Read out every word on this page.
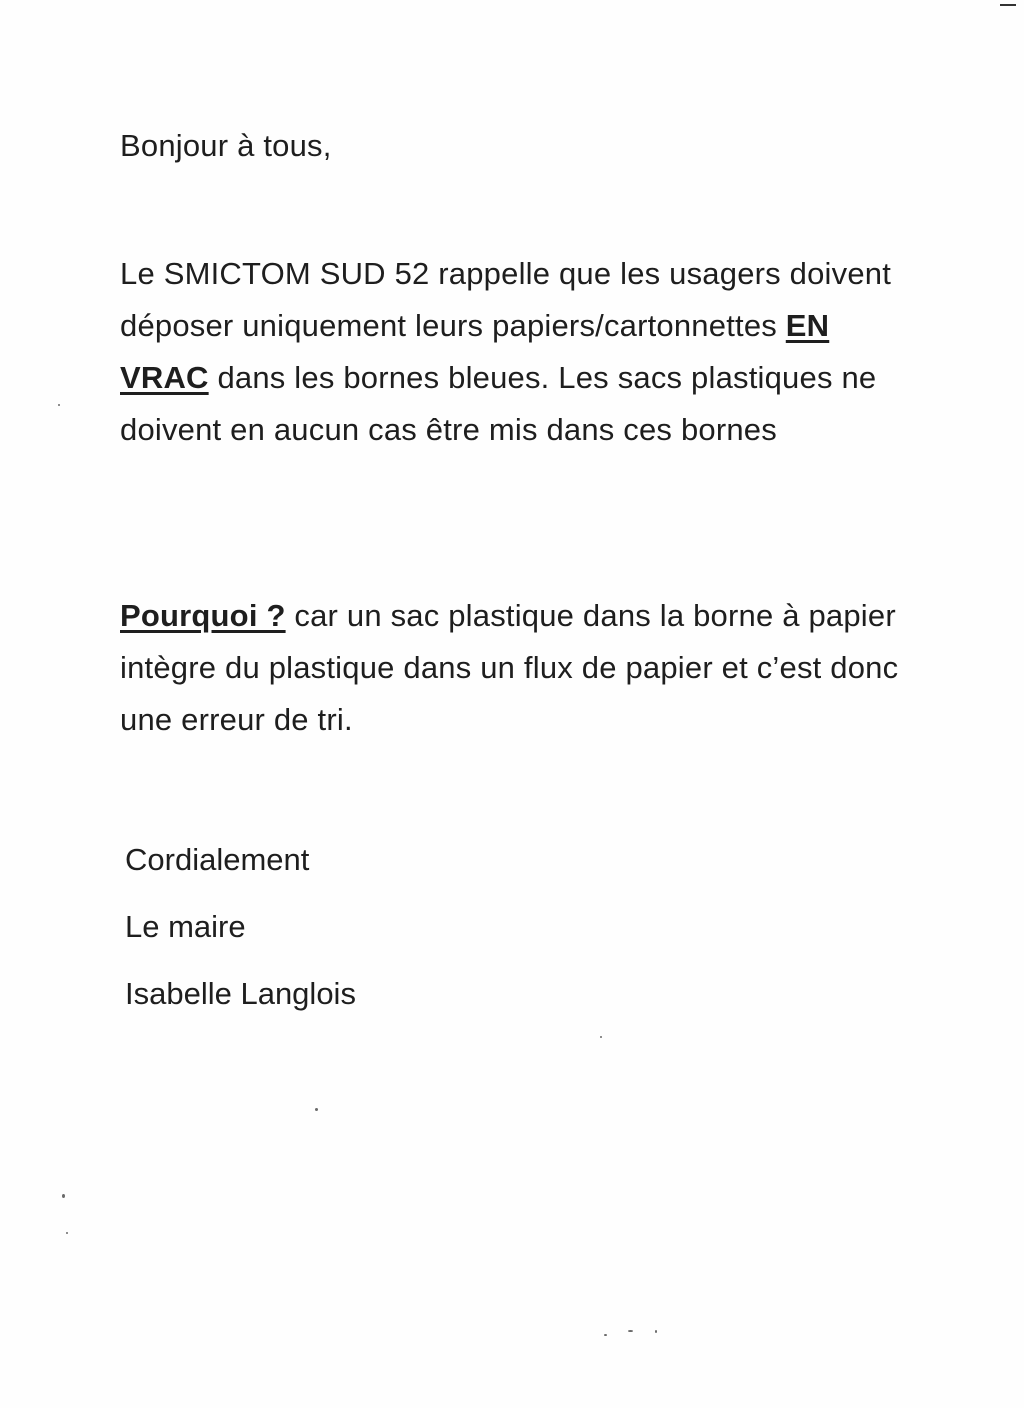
Bonjour à tous,

Le SMICTOM SUD 52 rappelle que les usagers doivent déposer uniquement leurs papiers/cartonnettes EN VRAC dans les bornes bleues. Les sacs plastiques ne doivent en aucun cas être mis dans ces bornes

Pourquoi ? car un sac plastique dans la borne à papier intègre du plastique dans un flux de papier et c’est donc une erreur de tri.

Cordialement
Le maire
Isabelle Langlois
